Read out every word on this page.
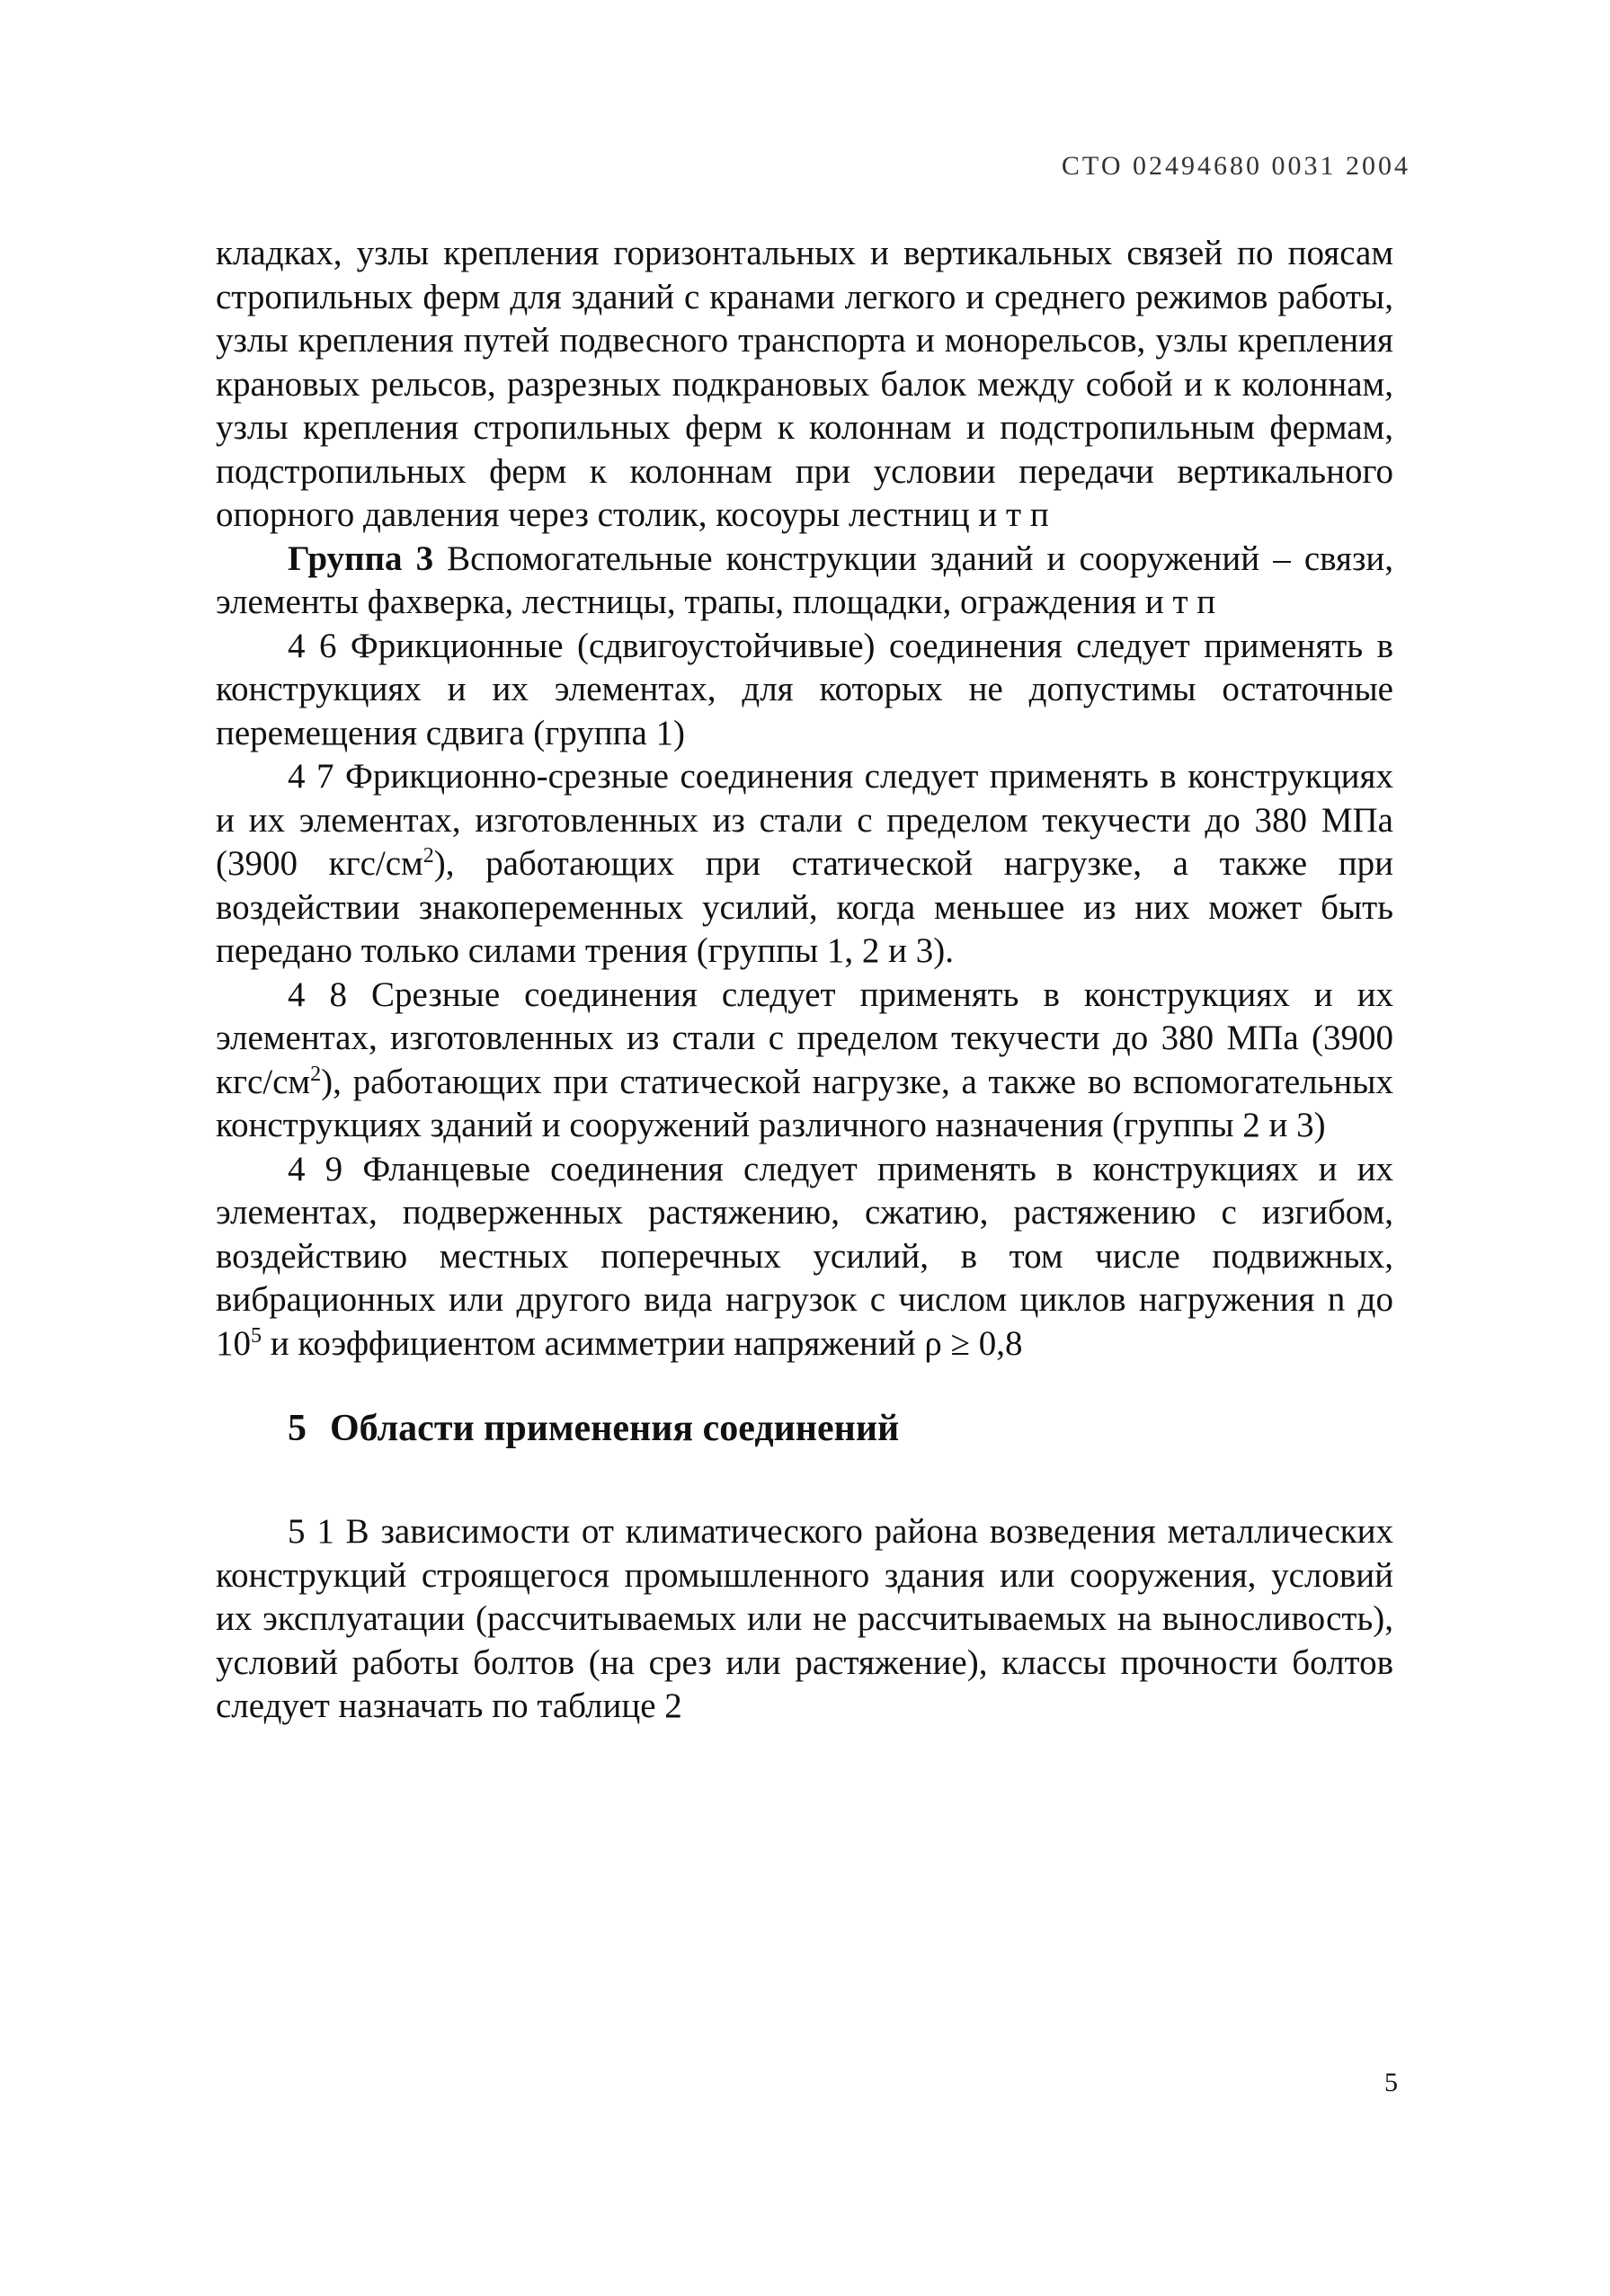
СТО 02494680 0031 2004

кладках, узлы крепления горизонтальных и вертикальных связей по поясам стропильных ферм для зданий с кранами легкого и среднего режимов работы, узлы крепления путей подвесного транспорта и монорельсов, узлы крепления крановых рельсов, разрезных подкрановых балок между собой и к колоннам, узлы крепления стропильных ферм к колоннам и подстропильным фермам, подстропильных ферм к колоннам при условии передачи вертикального опорного давления через столик, косоуры лестниц и т п

Группа 3 Вспомогательные конструкции зданий и сооружений – связи, элементы фахверка, лестницы, трапы, площадки, ограждения и т п

4 6 Фрикционные (сдвигоустойчивые) соединения следует применять в конструкциях и их элементах, для которых не допустимы остаточные перемещения сдвига (группа 1)

4 7 Фрикционно-срезные соединения следует применять в конструкциях и их элементах, изготовленных из стали с пределом текучести до 380 МПа (3900 кгс/$см^2$), работающих при статической нагрузке, а также при воздействии знакопеременных усилий, когда меньшее из них может быть передано только силами трения (группы 1, 2 и 3).

4 8 Срезные соединения следует применять в конструкциях и их элементах, изготовленных из стали с пределом текучести до 380 МПа (3900 кгс/$см^2$), работающих при статической нагрузке, а также во вспомогательных конструкциях зданий и сооружений различного назначения (группы 2 и 3)

4 9 Фланцевые соединения следует применять в конструкциях и их элементах, подверженных растяжению, сжатию, растяжению с изгибом, воздействию местных поперечных усилий, в том числе подвижных, вибрационных или другого вида нагрузок с числом циклов нагружения n до $10^5$ и коэффициентом асимметрии напряжений ρ ≥ 0,8

5 Области применения соединений

5 1 В зависимости от климатического района возведения металлических конструкций строящегося промышленного здания или сооружения, условий их эксплуатации (рассчитываемых или не рассчитываемых на выносливость), условий работы болтов (на срез или растяжение), классы прочности болтов следует назначать по таблице 2

5
